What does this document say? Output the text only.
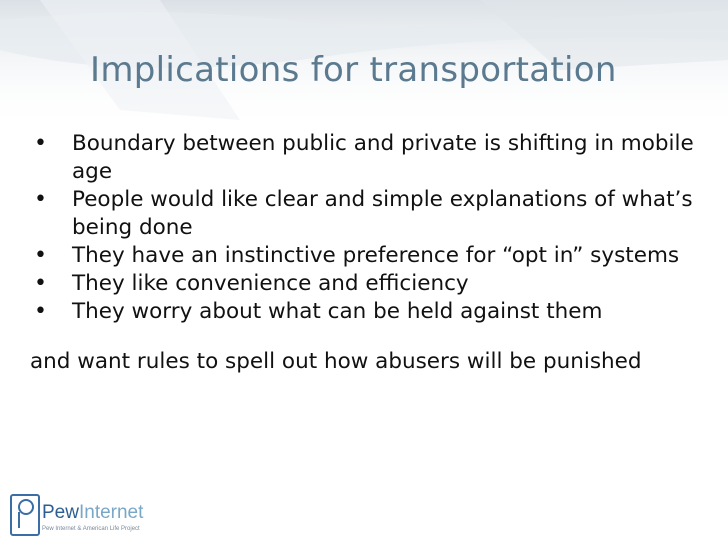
Implications for transportation

• Boundary between public and private is shifting in mobile age

• People would like clear and simple explanations of what’s being done

• They have an instinctive preference for “opt in” systems

• They like convenience and efficiency

• They worry about what can be held against them

and want rules to spell out how abusers will be punished

PewInternet
Pew Internet & American Life Project
